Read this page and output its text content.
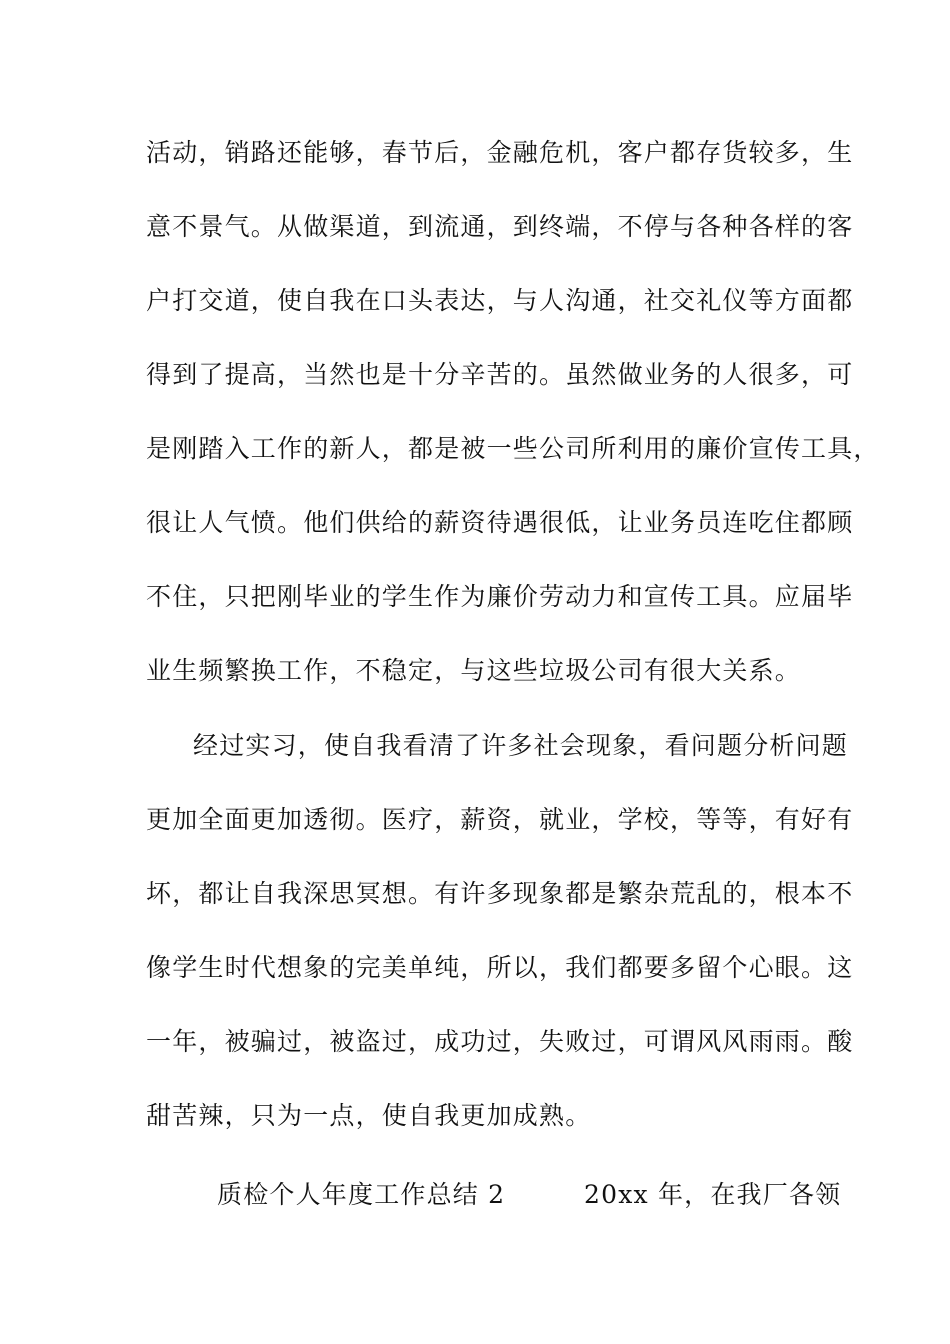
活动，销路还能够，春节后，金融危机，客户都存货较多，生
意不景气。从做渠道，到流通，到终端，不停与各种各样的客
户打交道，使自我在口头表达，与人沟通，社交礼仪等方面都
得到了提高，当然也是十分辛苦的。虽然做业务的人很多，可
是刚踏入工作的新人，都是被一些公司所利用的廉价宣传工具，
很让人气愤。他们供给的薪资待遇很低，让业务员连吃住都顾
不住，只把刚毕业的学生作为廉价劳动力和宣传工具。应届毕
业生频繁换工作，不稳定，与这些垃圾公司有很大关系。
经过实习，使自我看清了许多社会现象，看问题分析问题
更加全面更加透彻。医疗，薪资，就业，学校，等等，有好有
坏，都让自我深思冥想。有许多现象都是繁杂荒乱的，根本不
像学生时代想象的完美单纯，所以，我们都要多留个心眼。这
一年，被骗过，被盗过，成功过，失败过，可谓风风雨雨。酸
甜苦辣，只为一点，使自我更加成熟。
质检个人年度工作总结 2	20xx 年，在我厂各领
